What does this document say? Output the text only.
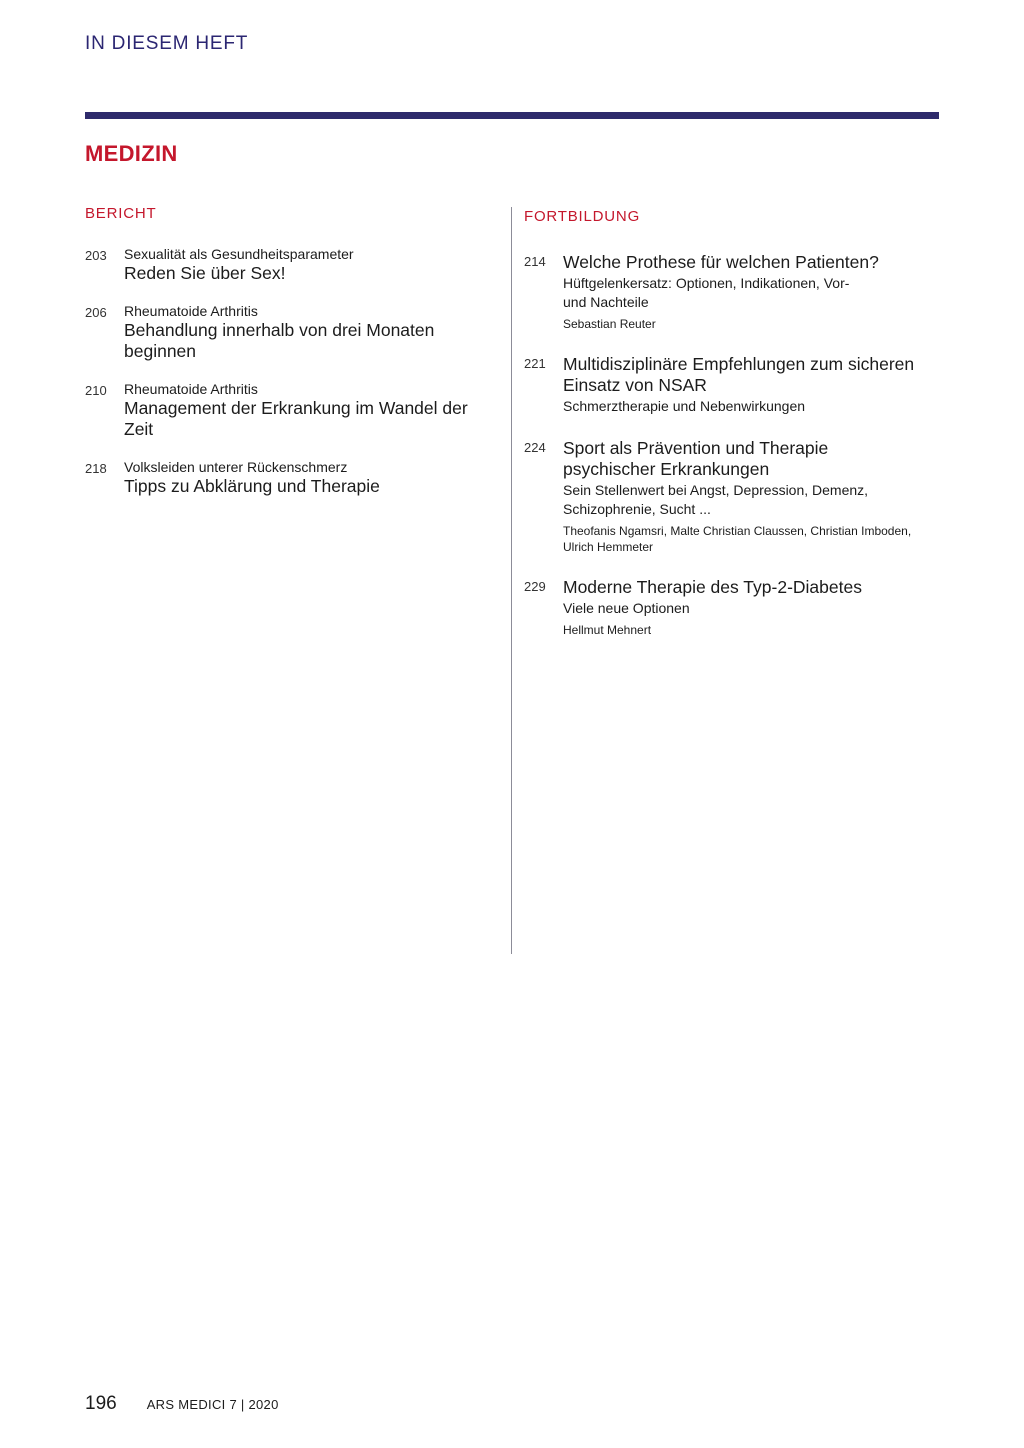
IN DIESEM HEFT
MEDIZIN
BERICHT
203	Sexualität als Gesundheitsparameter
Reden Sie über Sex!
206	Rheumatoide Arthritis
Behandlung innerhalb von drei Monaten beginnen
210	Rheumatoide Arthritis
Management der Erkrankung im Wandel der Zeit
218	Volksleiden unterer Rückenschmerz
Tipps zu Abklärung und Therapie
FORTBILDUNG
214 Welche Prothese für welchen Patienten?
Hüftgelenkersatz: Optionen, Indikationen, Vor- und Nachteile
Sebastian Reuter
221 Multidisziplinäre Empfehlungen zum sicheren Einsatz von NSAR
Schmerztherapie und Nebenwirkungen
224 Sport als Prävention und Therapie psychischer Erkrankungen
Sein Stellenwert bei Angst, Depression, Demenz, Schizophrenie, Sucht ...
Theofanis Ngamsri, Malte Christian Claussen, Christian Imboden, Ulrich Hemmeter
229 Moderne Therapie des Typ-2-Diabetes
Viele neue Optionen
Hellmut Mehnert
196 ARS MEDICI 7 | 2020
